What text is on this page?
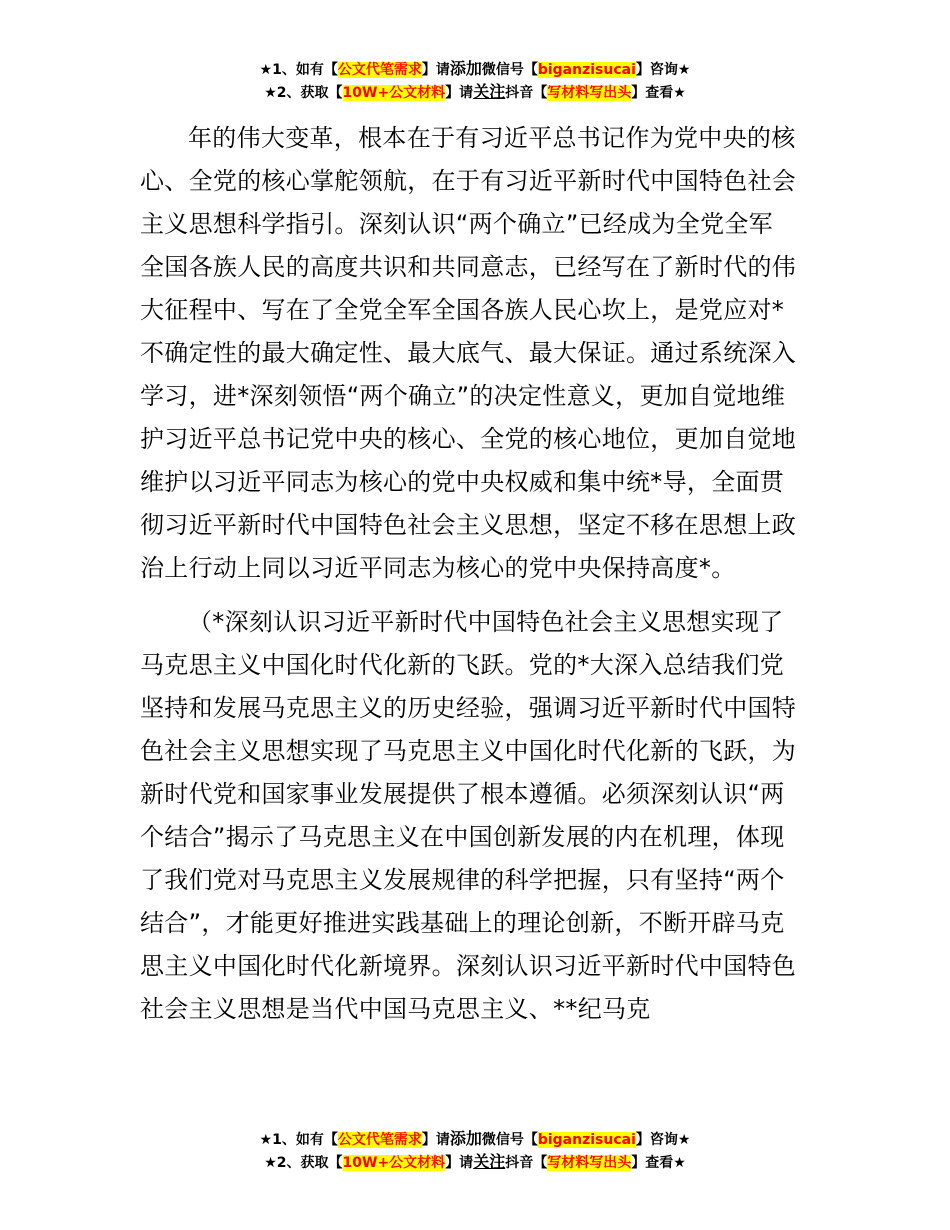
★1、如有【公文代笔需求】请添加微信号【biganzisucai】咨询★
★2、获取【10W+公文材料】请关注抖音【写材料写出头】查看★

年的伟大变革，根本在于有习近平总书记作为党中央的核
心、全党的核心掌舵领航，在于有习近平新时代中国特色社会
主义思想科学指引。深刻认识“两个确立”已经成为全党全军
全国各族人民的高度共识和共同意志，已经写在了新时代的伟
大征程中、写在了全党全军全国各族人民心坎上，是党应对*
不确定性的最大确定性、最大底气、最大保证。通过系统深入
学习，进*深刻领悟“两个确立”的决定性意义，更加自觉地维
护习近平总书记党中央的核心、全党的核心地位，更加自觉地
维护以习近平同志为核心的党中央权威和集中统*导，全面贯
彻习近平新时代中国特色社会主义思想，坚定不移在思想上政
治上行动上同以习近平同志为核心的党中央保持高度*。

（*深刻认识习近平新时代中国特色社会主义思想实现了
马克思主义中国化时代化新的飞跃。党的*大深入总结我们党
坚持和发展马克思主义的历史经验，强调习近平新时代中国特
色社会主义思想实现了马克思主义中国化时代化新的飞跃，为
新时代党和国家事业发展提供了根本遵循。必须深刻认识“两
个结合”揭示了马克思主义在中国创新发展的内在机理，体现
了我们党对马克思主义发展规律的科学把握，只有坚持“两个
结合”，才能更好推进实践基础上的理论创新，不断开辟马克
思主义中国化时代化新境界。深刻认识习近平新时代中国特色
社会主义思想是当代中国马克思主义、**纪马克

★1、如有【公文代笔需求】请添加微信号【biganzisucai】咨询★
★2、获取【10W+公文材料】请关注抖音【写材料写出头】查看★
